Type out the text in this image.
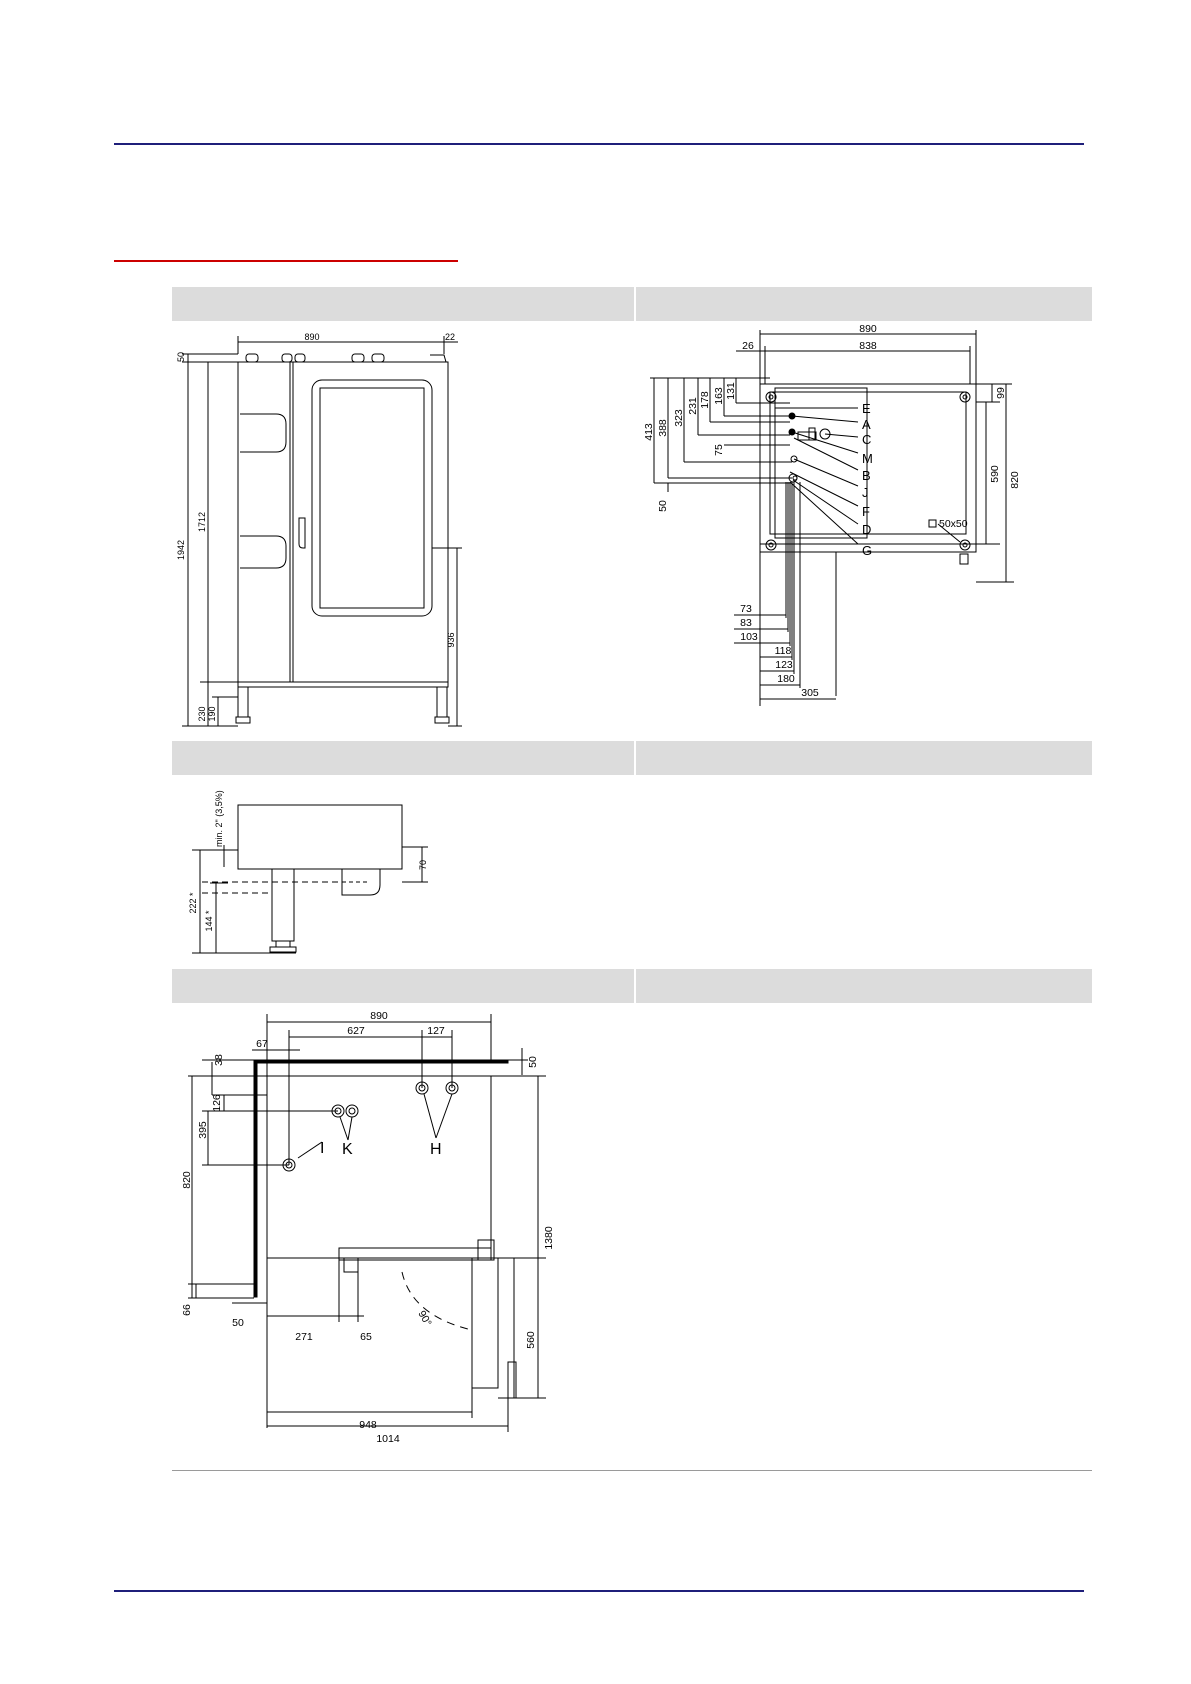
890	22
50
1942
1712
230 190
936
E
A
C
M
B
J
F
D
G
890
838
26
413 388
323
231 178 163 131
75
50
99
590 820
73
83
103
118
123
180
305
50x50
min. 2" (3,5%)
70
222 *
144 *
890
627	127
67
50
38
126
395
820
66
50
271	65
1380
560
90°
948
1014
I K	H
